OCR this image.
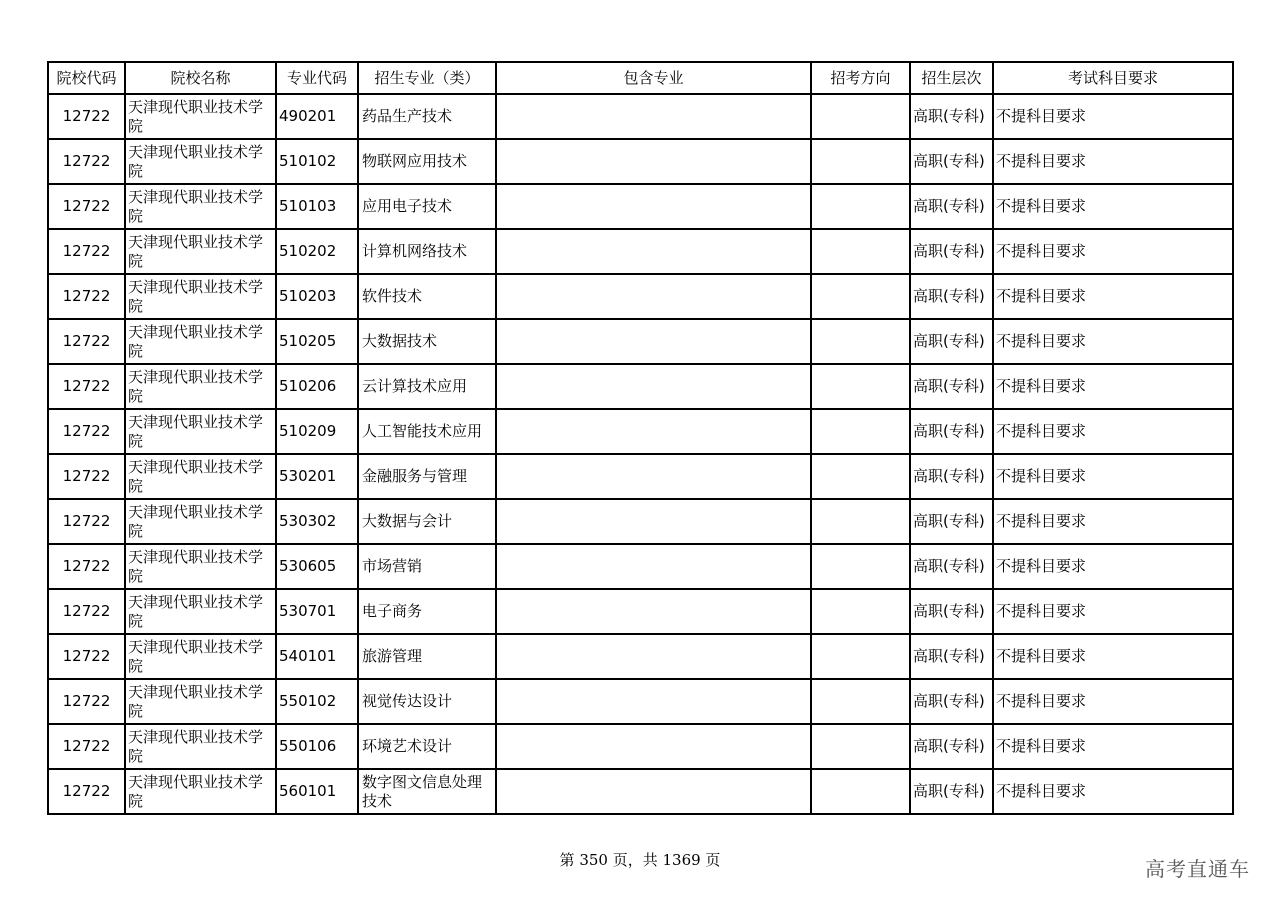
院校代码	院校名称	专业代码	招生专业（类）	包含专业	招考方向	招生层次	考试科目要求
12722	天津现代职业技术学院	490201	药品生产技术			高职(专科)	不提科目要求
12722	天津现代职业技术学院	510102	物联网应用技术			高职(专科)	不提科目要求
12722	天津现代职业技术学院	510103	应用电子技术			高职(专科)	不提科目要求
12722	天津现代职业技术学院	510202	计算机网络技术			高职(专科)	不提科目要求
12722	天津现代职业技术学院	510203	软件技术			高职(专科)	不提科目要求
12722	天津现代职业技术学院	510205	大数据技术			高职(专科)	不提科目要求
12722	天津现代职业技术学院	510206	云计算技术应用			高职(专科)	不提科目要求
12722	天津现代职业技术学院	510209	人工智能技术应用			高职(专科)	不提科目要求
12722	天津现代职业技术学院	530201	金融服务与管理			高职(专科)	不提科目要求
12722	天津现代职业技术学院	530302	大数据与会计			高职(专科)	不提科目要求
12722	天津现代职业技术学院	530605	市场营销			高职(专科)	不提科目要求
12722	天津现代职业技术学院	530701	电子商务			高职(专科)	不提科目要求
12722	天津现代职业技术学院	540101	旅游管理			高职(专科)	不提科目要求
12722	天津现代职业技术学院	550102	视觉传达设计			高职(专科)	不提科目要求
12722	天津现代职业技术学院	550106	环境艺术设计			高职(专科)	不提科目要求
12722	天津现代职业技术学院	560101	数字图文信息处理技术			高职(专科)	不提科目要求
第 350 页，共 1369 页	高考直通车
